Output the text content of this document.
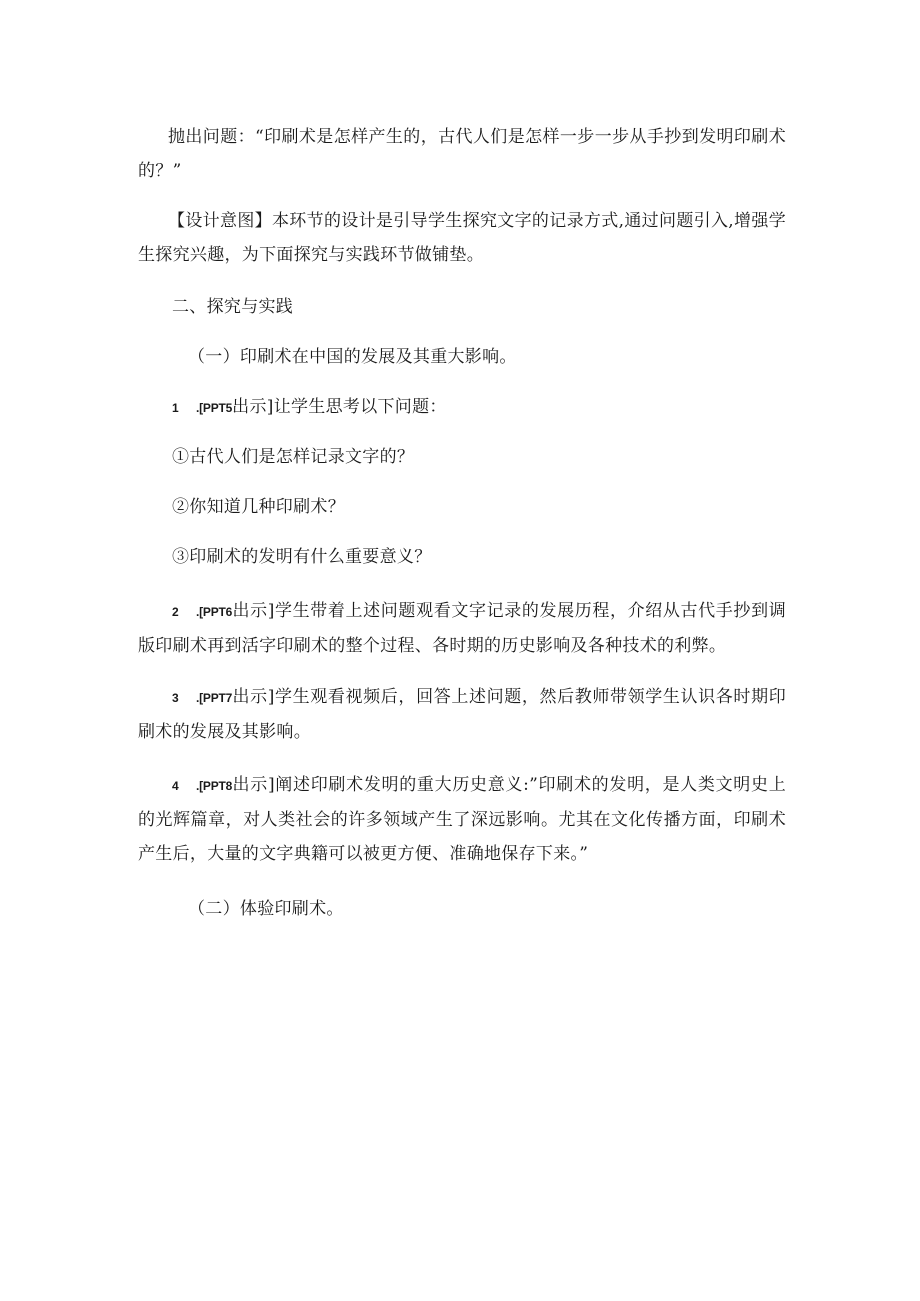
抛出问题：“印刷术是怎样产生的，古代人们是怎样一步一步从手抄到发明印刷术的？”

【设计意图】本环节的设计是引导学生探究文字的记录方式,通过问题引入,增强学生探究兴趣，为下面探究与实践环节做铺垫。

二、探究与实践

（一）印刷术在中国的发展及其重大影响。

1 .[PPT5出示]让学生思考以下问题：

①古代人们是怎样记录文字的？

②你知道几种印刷术？

③印刷术的发明有什么重要意义？

2 .[PPT6出示]学生带着上述问题观看文字记录的发展历程，介绍从古代手抄到调版印刷术再到活字印刷术的整个过程、各时期的历史影响及各种技术的利弊。

3 .[PPT7出示]学生观看视频后，回答上述问题，然后教师带领学生认识各时期印刷术的发展及其影响。

4 .[PPT8出示]阐述印刷术发明的重大历史意义:”印刷术的发明，是人类文明史上的光辉篇章，对人类社会的许多领域产生了深远影响。尤其在文化传播方面，印刷术产生后，大量的文字典籍可以被更方便、准确地保存下来。”

（二）体验印刷术。
